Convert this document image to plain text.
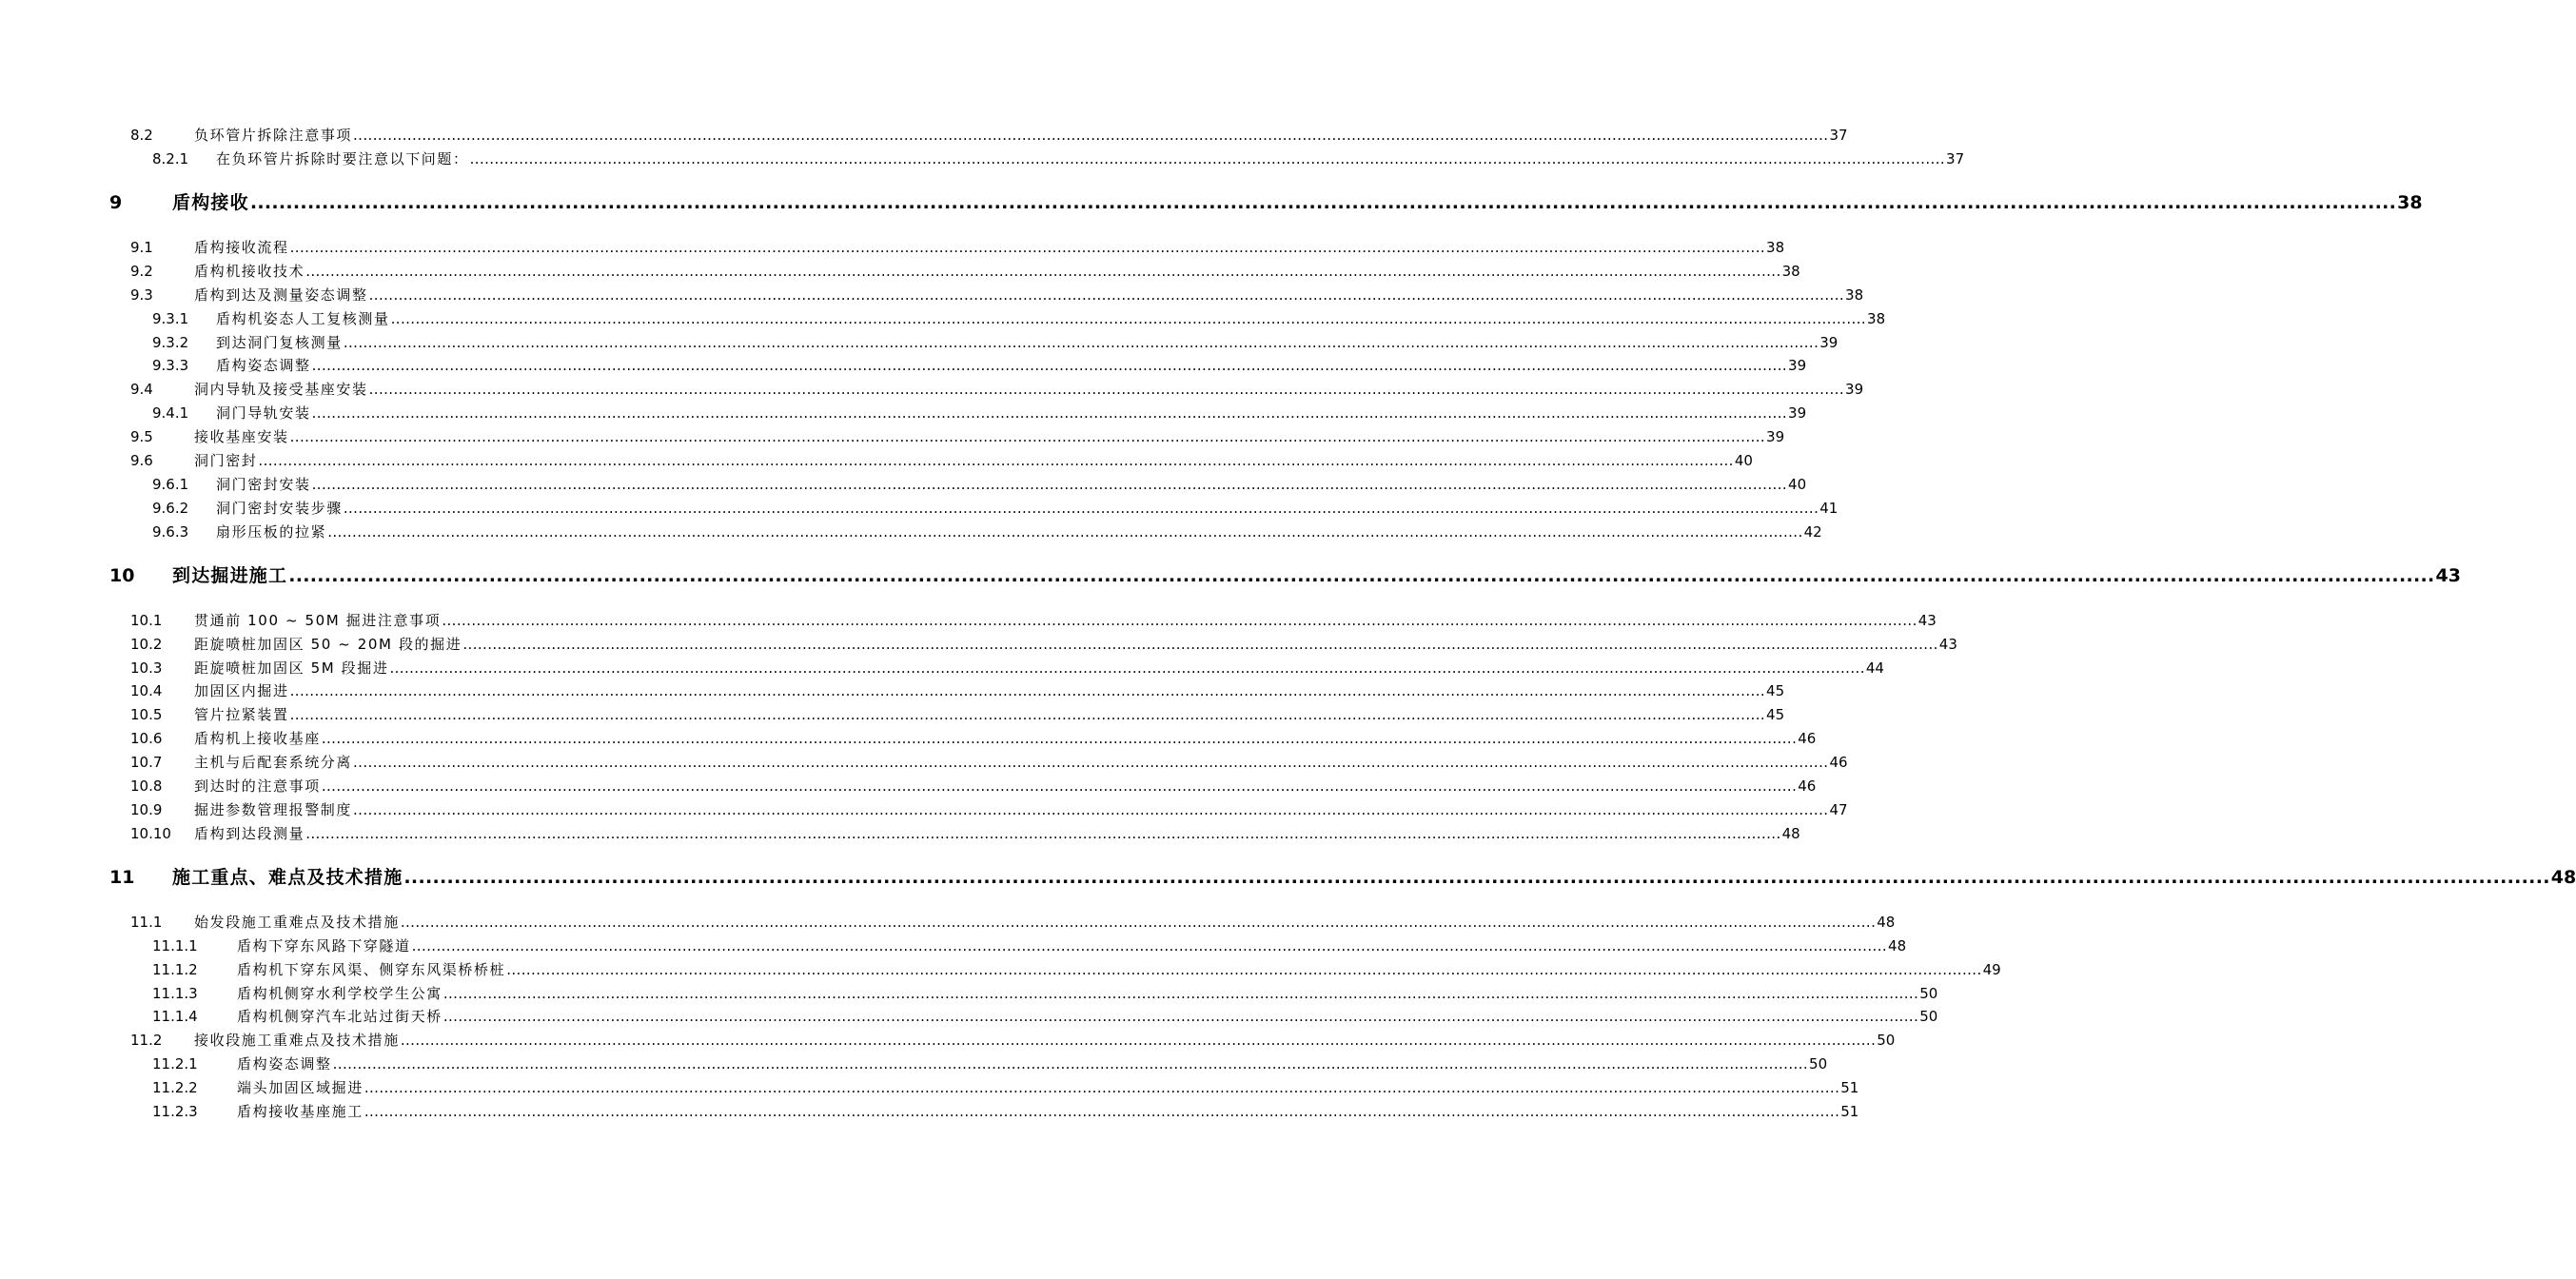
8.2	负环管片拆除注意事项 ............................................................................................................................................................................................................................................................................................................ 37
8.2.1	在负环管片拆除时要注意以下问题： ............................................................................................................................................................................................................................................................................................................ 37
9	盾构接收 ............................................................................................................................................................................................................................................................................................................ 38
9.1	盾构接收流程 ............................................................................................................................................................................................................................................................................................................ 38
9.2	盾构机接收技术 ............................................................................................................................................................................................................................................................................................................ 38
9.3	盾构到达及测量姿态调整 ............................................................................................................................................................................................................................................................................................................ 38
9.3.1	盾构机姿态人工复核测量 ............................................................................................................................................................................................................................................................................................................ 38
9.3.2	到达洞门复核测量 ............................................................................................................................................................................................................................................................................................................ 39
9.3.3	盾构姿态调整 ............................................................................................................................................................................................................................................................................................................ 39
9.4	洞内导轨及接受基座安装 ............................................................................................................................................................................................................................................................................................................ 39
9.4.1	洞门导轨安装 ............................................................................................................................................................................................................................................................................................................ 39
9.5	接收基座安装 ............................................................................................................................................................................................................................................................................................................ 39
9.6	洞门密封 ............................................................................................................................................................................................................................................................................................................ 40
9.6.1	洞门密封安装 ............................................................................................................................................................................................................................................................................................................ 40
9.6.2	洞门密封安装步骤 ............................................................................................................................................................................................................................................................................................................ 41
9.6.3	扇形压板的拉紧 ............................................................................................................................................................................................................................................................................................................ 42
10	到达掘进施工 ............................................................................................................................................................................................................................................................................................................ 43
10.1	贯通前 100 ~ 50M 掘进注意事项 ............................................................................................................................................................................................................................................................................................................ 43
10.2	距旋喷桩加固区 50 ~ 20M 段的掘进 ............................................................................................................................................................................................................................................................................................................ 43
10.3	距旋喷桩加固区 5M 段掘进 ............................................................................................................................................................................................................................................................................................................ 44
10.4	加固区内掘进 ............................................................................................................................................................................................................................................................................................................ 45
10.5	管片拉紧装置 ............................................................................................................................................................................................................................................................................................................ 45
10.6	盾构机上接收基座 ............................................................................................................................................................................................................................................................................................................ 46
10.7	主机与后配套系统分离 ............................................................................................................................................................................................................................................................................................................ 46
10.8	到达时的注意事项 ............................................................................................................................................................................................................................................................................................................ 46
10.9	掘进参数管理报警制度 ............................................................................................................................................................................................................................................................................................................ 47
10.10	盾构到达段测量 ............................................................................................................................................................................................................................................................................................................ 48
11	施工重点、难点及技术措施 ............................................................................................................................................................................................................................................................................................................ 48
11.1	始发段施工重难点及技术措施 ............................................................................................................................................................................................................................................................................................................ 48
11.1.1	盾构下穿东风路下穿隧道 ............................................................................................................................................................................................................................................................................................................ 48
11.1.2	盾构机下穿东风渠、侧穿东风渠桥桥桩 ............................................................................................................................................................................................................................................................................................................ 49
11.1.3	盾构机侧穿水利学校学生公寓 ............................................................................................................................................................................................................................................................................................................ 50
11.1.4	盾构机侧穿汽车北站过街天桥 ............................................................................................................................................................................................................................................................................................................ 50
11.2	接收段施工重难点及技术措施 ............................................................................................................................................................................................................................................................................................................ 50
11.2.1	盾构姿态调整 ............................................................................................................................................................................................................................................................................................................ 50
11.2.2	端头加固区域掘进 ............................................................................................................................................................................................................................................................................................................ 51
11.2.3	盾构接收基座施工 ............................................................................................................................................................................................................................................................................................................ 51
